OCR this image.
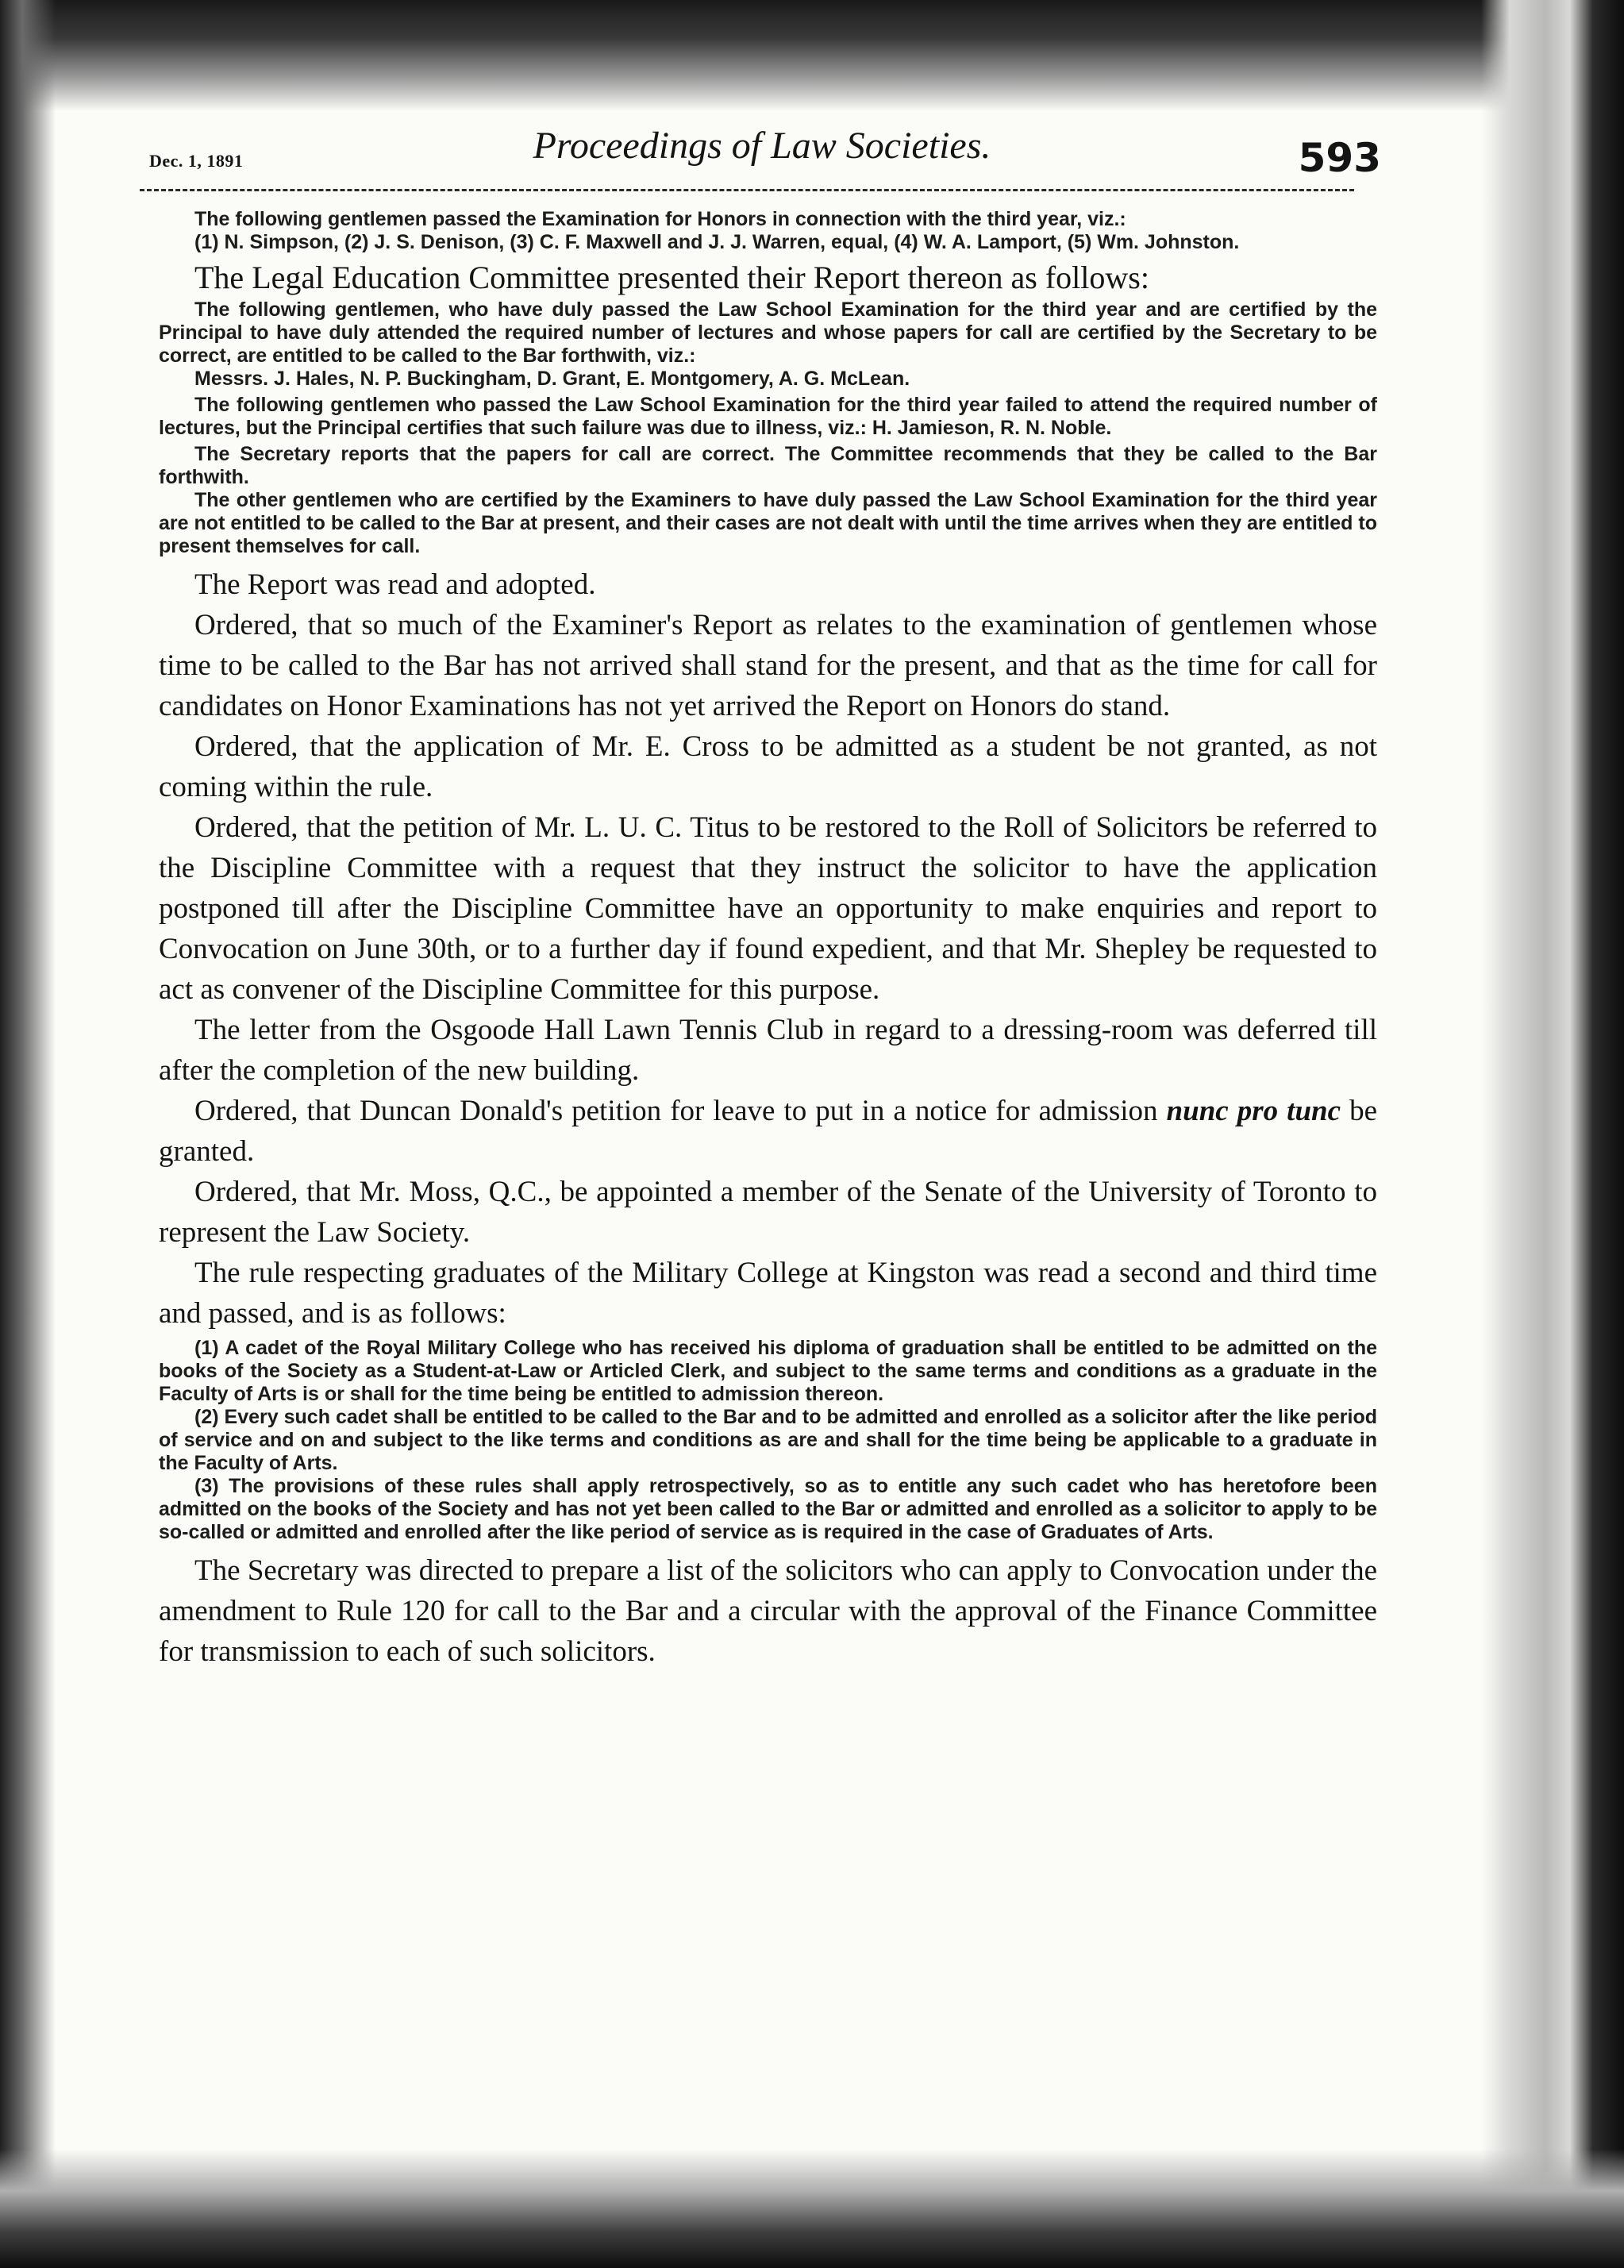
Dec. 1, 1891	Proceedings of Law Societies.	593

The following gentlemen passed the Examination for Honors in connection with the third year, viz.:

(1) N. Simpson, (2) J. S. Denison, (3) C. F. Maxwell and J. J. Warren, equal, (4) W. A. Lamport, (5) Wm. Johnston.

The Legal Education Committee presented their Report thereon as follows:

The following gentlemen, who have duly passed the Law School Examination for the third year and are certified by the Principal to have duly attended the required number of lectures and whose papers for call are certified by the Secretary to be correct, are entitled to be called to the Bar forthwith, viz.:

Messrs. J. Hales, N. P. Buckingham, D. Grant, E. Montgomery, A. G. McLean.

The following gentlemen who passed the Law School Examination for the third year failed to attend the required number of lectures, but the Principal certifies that such failure was due to illness, viz.: H. Jamieson, R. N. Noble.

The Secretary reports that the papers for call are correct. The Committee recommends that they be called to the Bar forthwith.

The other gentlemen who are certified by the Examiners to have duly passed the Law School Examination for the third year are not entitled to be called to the Bar at present, and their cases are not dealt with until the time arrives when they are entitled to present themselves for call.

The Report was read and adopted.

Ordered, that so much of the Examiner's Report as relates to the examination of gentlemen whose time to be called to the Bar has not arrived shall stand for the present, and that as the time for call for candidates on Honor Examinations has not yet arrived the Report on Honors do stand.

Ordered, that the application of Mr. E. Cross to be admitted as a student be not granted, as not coming within the rule.

Ordered, that the petition of Mr. L. U. C. Titus to be restored to the Roll of Solicitors be referred to the Discipline Committee with a request that they instruct the solicitor to have the application postponed till after the Discipline Committee have an opportunity to make enquiries and report to Convocation on June 30th, or to a further day if found expedient, and that Mr. Shepley be requested to act as convener of the Discipline Committee for this purpose.

The letter from the Osgoode Hall Lawn Tennis Club in regard to a dressing-room was deferred till after the completion of the new building.

Ordered, that Duncan Donald's petition for leave to put in a notice for admission nunc pro tunc be granted.

Ordered, that Mr. Moss, Q.C., be appointed a member of the Senate of the University of Toronto to represent the Law Society.

The rule respecting graduates of the Military College at Kingston was read a second and third time and passed, and is as follows:

(1) A cadet of the Royal Military College who has received his diploma of graduation shall be entitled to be admitted on the books of the Society as a Student-at-Law or Articled Clerk, and subject to the same terms and conditions as a graduate in the Faculty of Arts is or shall for the time being be entitled to admission thereon.

(2) Every such cadet shall be entitled to be called to the Bar and to be admitted and enrolled as a solicitor after the like period of service and on and subject to the like terms and conditions as are and shall for the time being be applicable to a graduate in the Faculty of Arts.

(3) The provisions of these rules shall apply retrospectively, so as to entitle any such cadet who has heretofore been admitted on the books of the Society and has not yet been called to the Bar or admitted and enrolled as a solicitor to apply to be so-called or admitted and enrolled after the like period of service as is required in the case of Graduates of Arts.

The Secretary was directed to prepare a list of the solicitors who can apply to Convocation under the amendment to Rule 120 for call to the Bar and a circular with the approval of the Finance Committee for transmission to each of such solicitors.
